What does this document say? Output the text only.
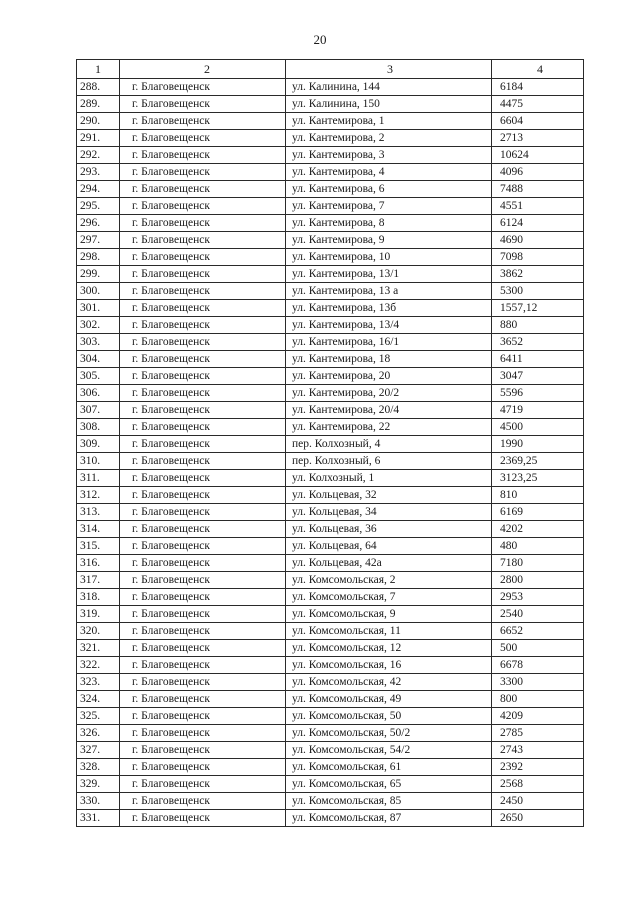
20
1	2	3	4
288.	г. Благовещенск	ул. Калинина, 144	6184
289.	г. Благовещенск	ул. Калинина, 150	4475
290.	г. Благовещенск	ул. Кантемирова, 1	6604
291.	г. Благовещенск	ул. Кантемирова, 2	2713
292.	г. Благовещенск	ул. Кантемирова, 3	10624
293.	г. Благовещенск	ул. Кантемирова, 4	4096
294.	г. Благовещенск	ул. Кантемирова, 6	7488
295.	г. Благовещенск	ул. Кантемирова, 7	4551
296.	г. Благовещенск	ул. Кантемирова, 8	6124
297.	г. Благовещенск	ул. Кантемирова, 9	4690
298.	г. Благовещенск	ул. Кантемирова, 10	7098
299.	г. Благовещенск	ул. Кантемирова, 13/1	3862
300.	г. Благовещенск	ул. Кантемирова, 13 а	5300
301.	г. Благовещенск	ул. Кантемирова, 13б	1557,12
302.	г. Благовещенск	ул. Кантемирова, 13/4	880
303.	г. Благовещенск	ул. Кантемирова, 16/1	3652
304.	г. Благовещенск	ул. Кантемирова, 18	6411
305.	г. Благовещенск	ул. Кантемирова, 20	3047
306.	г. Благовещенск	ул. Кантемирова, 20/2	5596
307.	г. Благовещенск	ул. Кантемирова, 20/4	4719
308.	г. Благовещенск	ул. Кантемирова, 22	4500
309.	г. Благовещенск	пер. Колхозный, 4	1990
310.	г. Благовещенск	пер. Колхозный, 6	2369,25
311.	г. Благовещенск	ул. Колхозный, 1	3123,25
312.	г. Благовещенск	ул. Кольцевая, 32	810
313.	г. Благовещенск	ул. Кольцевая, 34	6169
314.	г. Благовещенск	ул. Кольцевая, 36	4202
315.	г. Благовещенск	ул. Кольцевая, 64	480
316.	г. Благовещенск	ул. Кольцевая, 42а	7180
317.	г. Благовещенск	ул. Комсомольская, 2	2800
318.	г. Благовещенск	ул. Комсомольская, 7	2953
319.	г. Благовещенск	ул. Комсомольская, 9	2540
320.	г. Благовещенск	ул. Комсомольская, 11	6652
321.	г. Благовещенск	ул. Комсомольская, 12	500
322.	г. Благовещенск	ул. Комсомольская, 16	6678
323.	г. Благовещенск	ул. Комсомольская, 42	3300
324.	г. Благовещенск	ул. Комсомольская, 49	800
325.	г. Благовещенск	ул. Комсомольская, 50	4209
326.	г. Благовещенск	ул. Комсомольская, 50/2	2785
327.	г. Благовещенск	ул. Комсомольская, 54/2	2743
328.	г. Благовещенск	ул. Комсомольская, 61	2392
329.	г. Благовещенск	ул. Комсомольская, 65	2568
330.	г. Благовещенск	ул. Комсомольская, 85	2450
331.	г. Благовещенск	ул. Комсомольская, 87	2650
